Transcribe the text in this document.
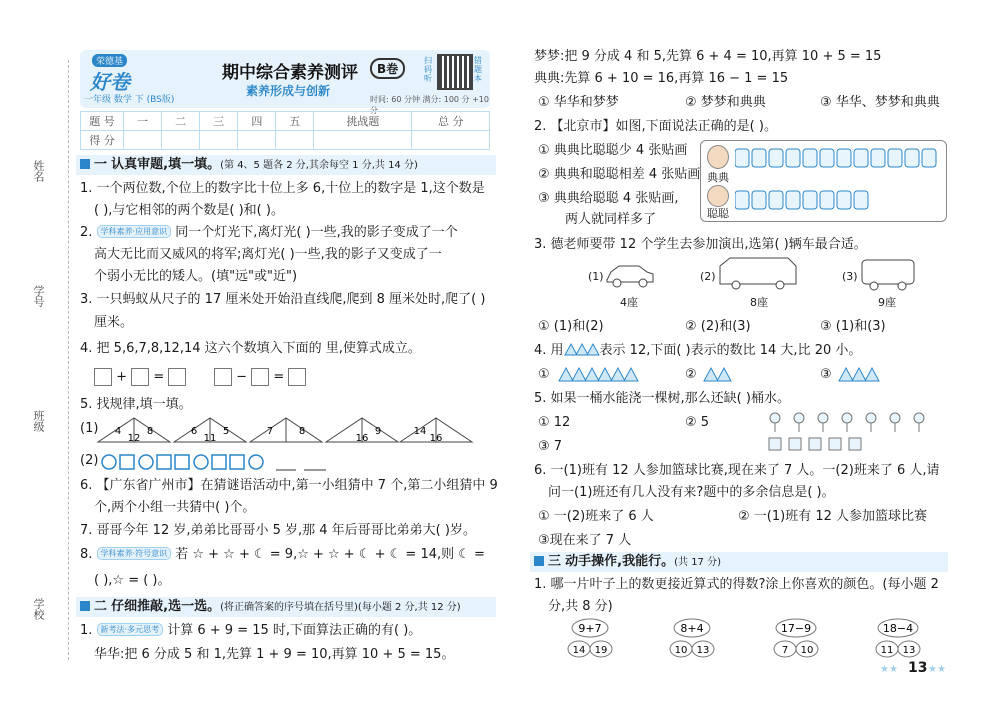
姓名
学号
班级
学校
荣德基
好卷
一年级 数学 下 (BS版)
期中综合素养测评	B卷
素养形成与创新
时间: 60 分钟 满分: 100 分 +10 分
扫码听
错题本
题 号	一	二	三	四	五	挑战题	总 分
得 分							
一 认真审题,填一填。(第 4、5 题各 2 分,其余每空 1 分,共 14 分)
1. 一个两位数,个位上的数字比十位上多 6,十位上的数字是 1,这个数是
( ),与它相邻的两个数是( )和( )。
2. 学科素养·应用意识 同一个灯光下,离灯光( )一些,我的影子变成了一个
高大无比而又威风的将军;离灯光( )一些,我的影子又变成了一
个弱小无比的矮人。(填"远"或"近")
3. 一只蚂蚁从尺子的 17 厘米处开始沿直线爬,爬到 8 厘米处时,爬了( )
厘米。
4. 把 5,6,7,8,12,14 这六个数填入下面的 里,使算式成立。
+ =	− =
5. 找规律,填一填。
(1) 4	8
12
6	5
11
7	8	9
16
14
16
(2)
6. 【广东省广州市】在猜谜语活动中,第一小组猜中 7 个,第二小组猜中 9
个,两个小组一共猜中( )个。
7. 哥哥今年 12 岁,弟弟比哥哥小 5 岁,那 4 年后哥哥比弟弟大( )岁。
8. 学科素养·符号意识 若 ☆ + ☆ + ☾ = 9,☆ + ☆ + ☾ + ☾ = 14,则 ☾ =
( ),☆ = ( )。
二 仔细推敲,选一选。(将正确答案的序号填在括号里)(每小题 2 分,共 12 分)
1. 新考法·多元思考 计算 6 + 9 = 15 时,下面算法正确的有( )。
华华:把 6 分成 5 和 1,先算 1 + 9 = 10,再算 10 + 5 = 15。
梦梦:把 9 分成 4 和 5,先算 6 + 4 = 10,再算 10 + 5 = 15
典典:先算 6 + 10 = 16,再算 16 − 1 = 15
① 华华和梦梦	② 梦梦和典典	③ 华华、梦梦和典典
2. 【北京市】如图,下面说法正确的是( )。
① 典典比聪聪少 4 张贴画
② 典典和聪聪相差 4 张贴画
③ 典典给聪聪 4 张贴画,
两人就同样多了
典典
聪聪
3. 德老师要带 12 个学生去参加演出,选第( )辆车最合适。
(1)
4座
(2)
8座
(3)
9座
① (1)和(2)	② (2)和(3)	③ (1)和(3)
4. 用	表示 12,下面( )表示的数比 14 大,比 20 小。
①	②	③
5. 如果一桶水能浇一棵树,那么还缺( )桶水。
① 12	② 5
③ 7
6. 一(1)班有 12 人参加篮球比赛,现在来了 7 人。一(2)班来了 6 人,请
问一(1)班还有几人没有来?题中的多余信息是( )。
① 一(2)班来了 6 人	② 一(1)班有 12 人参加篮球比赛
③现在来了 7 人
三 动手操作,我能行。(共 17 分)
1. 哪一片叶子上的数更接近算式的得数?涂上你喜欢的颜色。(每小题 2
分,共 8 分)
9+7
14 19
8+4
10 13
17−9
7 10
18−4
11 13
★★ 13 ★★
